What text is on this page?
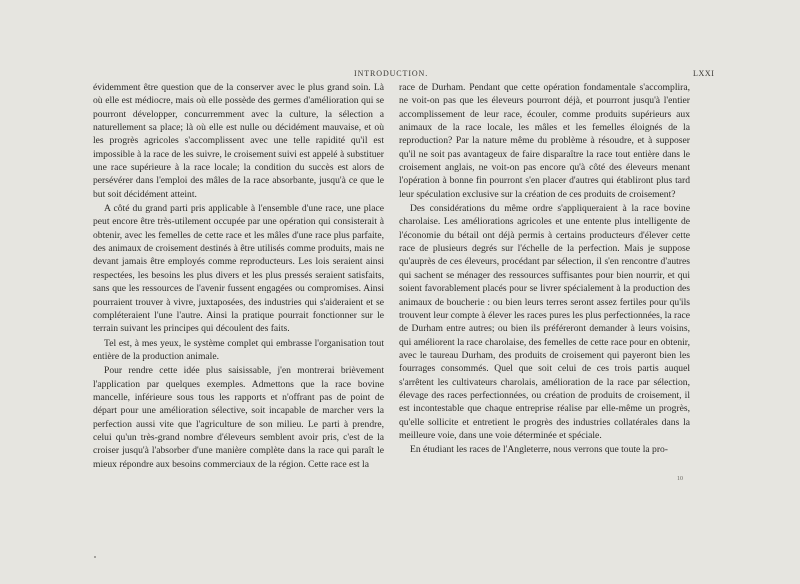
INTRODUCTION.	LXXI

évidemment être question que de la conserver avec le plus grand soin. Là où elle est médiocre, mais où elle possède des germes d'amélioration qui se pourront développer, concurremment avec la culture, la sélection a naturellement sa place; là où elle est nulle ou décidément mauvaise, et où les progrès agricoles s'accomplissent avec une telle rapidité qu'il est impossible à la race de les suivre, le croisement suivi est appelé à substituer une race supérieure à la race locale; la condition du succès est alors de persévérer dans l'emploi des mâles de la race absorbante, jusqu'à ce que le but soit décidément atteint.

A côté du grand parti pris applicable à l'ensemble d'une race, une place peut encore être très-utilement occupée par une opération qui consisterait à obtenir, avec les femelles de cette race et les mâles d'une race plus parfaite, des animaux de croisement destinés à être utilisés comme produits, mais ne devant jamais être employés comme reproducteurs. Les lois seraient ainsi respectées, les besoins les plus divers et les plus pressés seraient satisfaits, sans que les ressources de l'avenir fussent engagées ou compromises. Ainsi pourraient trouver à vivre, juxtaposées, des industries qui s'aideraient et se compléteraient l'une l'autre. Ainsi la pratique pourrait fonctionner sur le terrain suivant les principes qui découlent des faits.

Tel est, à mes yeux, le système complet qui embrasse l'organisation tout entière de la production animale.

Pour rendre cette idée plus saisissable, j'en montrerai brièvement l'application par quelques exemples. Admettons que la race bovine mancelle, inférieure sous tous les rapports et n'offrant pas de point de départ pour une amélioration sélective, soit incapable de marcher vers la perfection aussi vite que l'agriculture de son milieu. Le parti à prendre, celui qu'un très-grand nombre d'éleveurs semblent avoir pris, c'est de la croiser jusqu'à l'absorber d'une manière complète dans la race qui paraît le mieux répondre aux besoins commerciaux de la région. Cette race est la

race de Durham. Pendant que cette opération fondamentale s'accomplira, ne voit-on pas que les éleveurs pourront déjà, et pourront jusqu'à l'entier accomplissement de leur race, écouler, comme produits supérieurs aux animaux de la race locale, les mâles et les femelles éloignés de la reproduction? Par la nature même du problème à résoudre, et à supposer qu'il ne soit pas avantageux de faire disparaître la race tout entière dans le croisement anglais, ne voit-on pas encore qu'à côté des éleveurs menant l'opération à bonne fin pourront s'en placer d'autres qui établiront plus tard leur spéculation exclusive sur la création de ces produits de croisement?

Des considérations du même ordre s'appliqueraient à la race bovine charolaise. Les améliorations agricoles et une entente plus intelligente de l'économie du bétail ont déjà permis à certains producteurs d'élever cette race de plusieurs degrés sur l'échelle de la perfection. Mais je suppose qu'auprès de ces éleveurs, procédant par sélection, il s'en rencontre d'autres qui sachent se ménager des ressources suffisantes pour bien nourrir, et qui soient favorablement placés pour se livrer spécialement à la production des animaux de boucherie : ou bien leurs terres seront assez fertiles pour qu'ils trouvent leur compte à élever les races pures les plus perfectionnées, la race de Durham entre autres; ou bien ils préféreront demander à leurs voisins, qui améliorent la race charolaise, des femelles de cette race pour en obtenir, avec le taureau Durham, des produits de croisement qui payeront bien les fourrages consommés. Quel que soit celui de ces trois partis auquel s'arrêtent les cultivateurs charolais, amélioration de la race par sélection, élevage des races perfectionnées, ou création de produits de croisement, il est incontestable que chaque entreprise réalise par elle-même un progrès, qu'elle sollicite et entretient le progrès des industries collatérales dans la meilleure voie, dans une voie déterminée et spéciale.

En étudiant les races de l'Angleterre, nous verrons que toute la pro-

10
